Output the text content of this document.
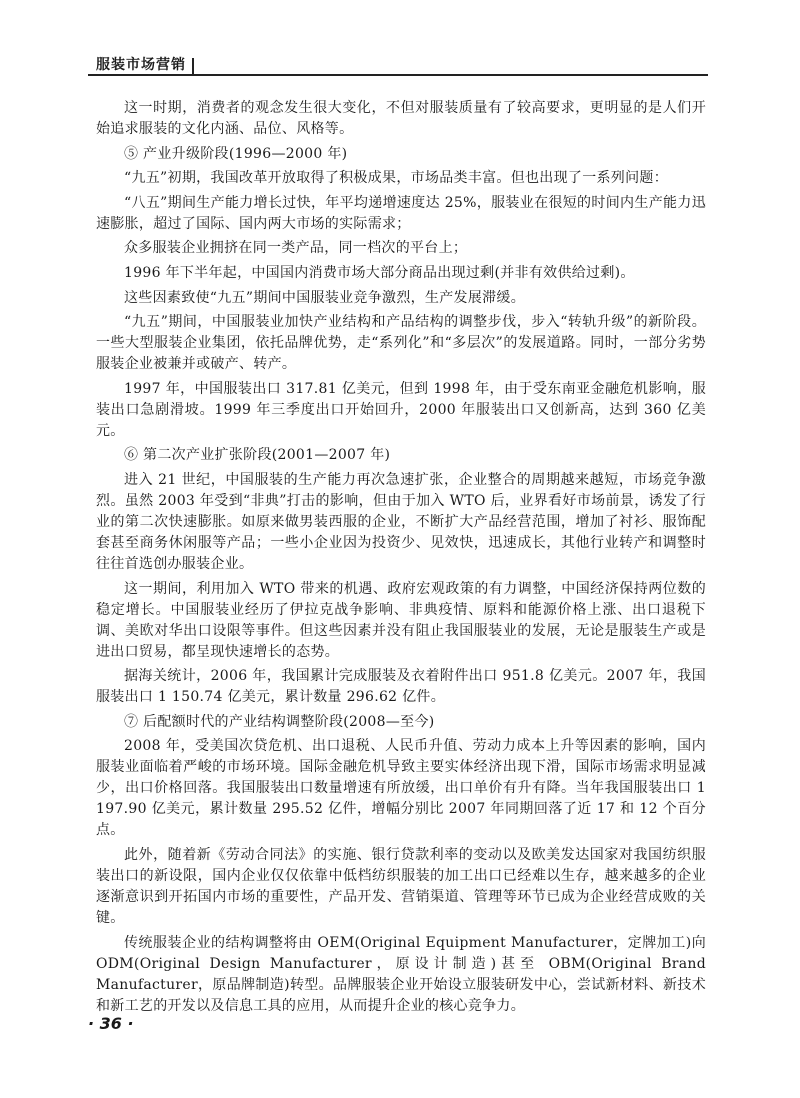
服装市场营销

这一时期，消费者的观念发生很大变化，不但对服装质量有了较高要求，更明显的是人们开始追求服装的文化内涵、品位、风格等。

⑤ 产业升级阶段(1996—2000 年)

“九五”初期，我国改革开放取得了积极成果，市场品类丰富。但也出现了一系列问题：

“八五”期间生产能力增长过快，年平均递增速度达 25%，服装业在很短的时间内生产能力迅速膨胀，超过了国际、国内两大市场的实际需求；

众多服装企业拥挤在同一类产品，同一档次的平台上；

1996 年下半年起，中国国内消费市场大部分商品出现过剩(并非有效供给过剩)。

这些因素致使“九五”期间中国服装业竞争激烈，生产发展滞缓。

“九五”期间，中国服装业加快产业结构和产品结构的调整步伐，步入“转轨升级”的新阶段。一些大型服装企业集团，依托品牌优势，走“系列化”和“多层次”的发展道路。同时，一部分劣势服装企业被兼并或破产、转产。

1997 年，中国服装出口 317.81 亿美元，但到 1998 年，由于受东南亚金融危机影响，服装出口急剧滑坡。1999 年三季度出口开始回升，2000 年服装出口又创新高，达到 360 亿美元。

⑥ 第二次产业扩张阶段(2001—2007 年)

进入 21 世纪，中国服装的生产能力再次急速扩张，企业整合的周期越来越短，市场竞争激烈。虽然 2003 年受到“非典”打击的影响，但由于加入 WTO 后，业界看好市场前景，诱发了行业的第二次快速膨胀。如原来做男装西服的企业，不断扩大产品经营范围，增加了衬衫、服饰配套甚至商务休闲服等产品；一些小企业因为投资少、见效快，迅速成长，其他行业转产和调整时往往首选创办服装企业。

这一期间，利用加入 WTO 带来的机遇、政府宏观政策的有力调整，中国经济保持两位数的稳定增长。中国服装业经历了伊拉克战争影响、非典疫情、原料和能源价格上涨、出口退税下调、美欧对华出口设限等事件。但这些因素并没有阻止我国服装业的发展，无论是服装生产或是进出口贸易，都呈现快速增长的态势。

据海关统计，2006 年，我国累计完成服装及衣着附件出口 951.8 亿美元。2007 年，我国服装出口 1 150.74 亿美元，累计数量 296.62 亿件。

⑦ 后配额时代的产业结构调整阶段(2008—至今)

2008 年，受美国次贷危机、出口退税、人民币升值、劳动力成本上升等因素的影响，国内服装业面临着严峻的市场环境。国际金融危机导致主要实体经济出现下滑，国际市场需求明显减少，出口价格回落。我国服装出口数量增速有所放缓，出口单价有升有降。当年我国服装出口 1 197.90 亿美元，累计数量 295.52 亿件，增幅分别比 2007 年同期回落了近 17 和 12 个百分点。

此外，随着新《劳动合同法》的实施、银行贷款利率的变动以及欧美发达国家对我国纺织服装出口的新设限，国内企业仅仅依靠中低档纺织服装的加工出口已经难以生存，越来越多的企业逐渐意识到开拓国内市场的重要性，产品开发、营销渠道、管理等环节已成为企业经营成败的关键。

传统服装企业的结构调整将由 OEM(Original Equipment Manufacturer，定牌加工)向 ODM(Original Design Manufacturer，原设计制造)甚至 OBM(Original Brand Manufacturer，原品牌制造)转型。品牌服装企业开始设立服装研发中心，尝试新材料、新技术和新工艺的开发以及信息工具的应用，从而提升企业的核心竞争力。

· 36 ·
